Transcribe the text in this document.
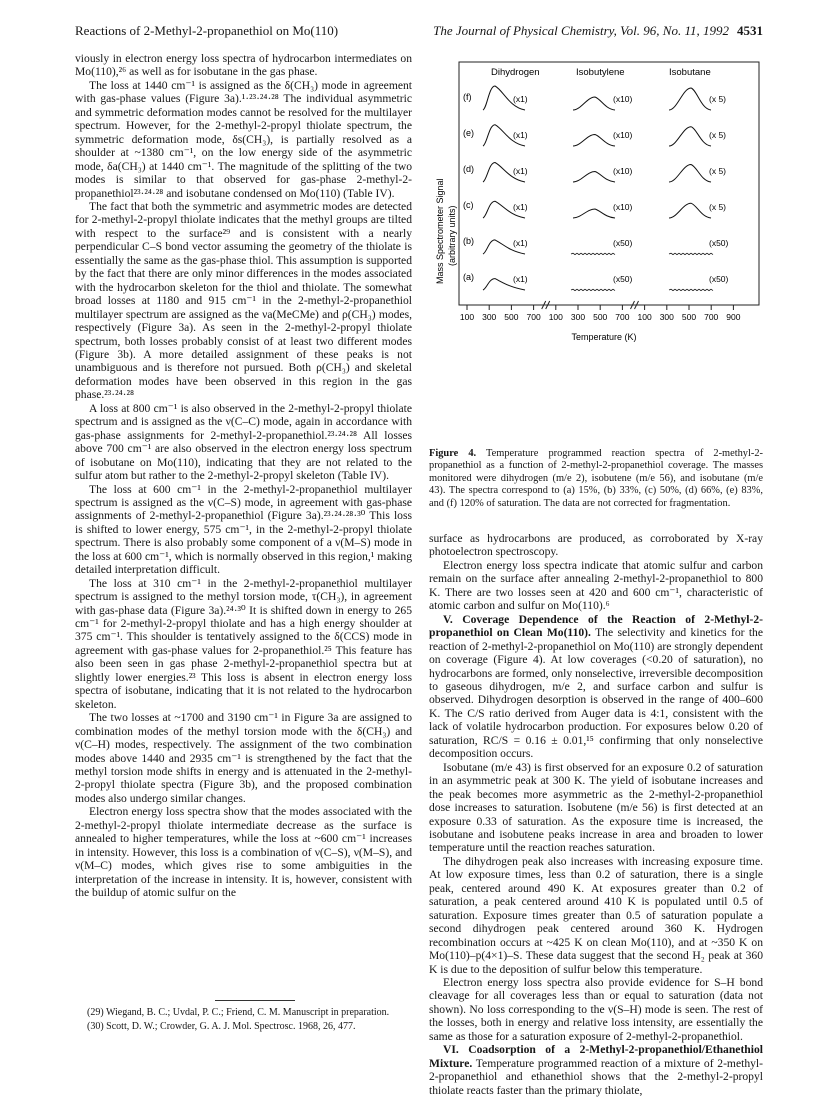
Reactions of 2-Methyl-2-propanethiol on Mo(110)	The Journal of Physical Chemistry, Vol. 96, No. 11, 1992 4531

viously in electron energy loss spectra of hydrocarbon intermediates on Mo(110),²⁶ as well as for isobutane in the gas phase.

The loss at 1440 cm⁻¹ is assigned as the δ(CH₃) mode in agreement with gas-phase values (Figure 3a).¹·²³·²⁴·²⁸ The individual asymmetric and symmetric deformation modes cannot be resolved for the multilayer spectrum. However, for the 2-methyl-2-propyl thiolate spectrum, the symmetric deformation mode, δs(CH₃), is partially resolved as a shoulder at ~1380 cm⁻¹, on the low energy side of the asymmetric mode, δa(CH₃) at 1440 cm⁻¹. The magnitude of the splitting of the two modes is similar to that observed for gas-phase 2-methyl-2-propanethiol²³·²⁴·²⁸ and isobutane condensed on Mo(110) (Table IV).

The fact that both the symmetric and asymmetric modes are detected for 2-methyl-2-propyl thiolate indicates that the methyl groups are tilted with respect to the surface²⁹ and is consistent with a nearly perpendicular C–S bond vector assuming the geometry of the thiolate is essentially the same as the gas-phase thiol. This assumption is supported by the fact that there are only minor differences in the modes associated with the hydrocarbon skeleton for the thiol and thiolate. The somewhat broad losses at 1180 and 915 cm⁻¹ in the 2-methyl-2-propanethiol multilayer spectrum are assigned as the νa(MeCMe) and ρ(CH₃) modes, respectively (Figure 3a). As seen in the 2-methyl-2-propyl thiolate spectrum, both losses probably consist of at least two different modes (Figure 3b). A more detailed assignment of these peaks is not unambiguous and is therefore not pursued. Both ρ(CH₃) and skeletal deformation modes have been observed in this region in the gas phase.²³·²⁴·²⁸

A loss at 800 cm⁻¹ is also observed in the 2-methyl-2-propyl thiolate spectrum and is assigned as the ν(C–C) mode, again in accordance with gas-phase assignments for 2-methyl-2-propanethiol.²³·²⁴·²⁸ All losses above 700 cm⁻¹ are also observed in the electron energy loss spectrum of isobutane on Mo(110), indicating that they are not related to the sulfur atom but rather to the 2-methyl-2-propyl skeleton (Table IV).

The loss at 600 cm⁻¹ in the 2-methyl-2-propanethiol multilayer spectrum is assigned as the ν(C–S) mode, in agreement with gas-phase assignments of 2-methyl-2-propanethiol (Figure 3a).²³·²⁴·²⁸·³⁰ This loss is shifted to lower energy, 575 cm⁻¹, in the 2-methyl-2-propyl thiolate spectrum. There is also probably some component of a ν(M–S) mode in the loss at 600 cm⁻¹, which is normally observed in this region,¹ making detailed interpretation difficult.

The loss at 310 cm⁻¹ in the 2-methyl-2-propanethiol multilayer spectrum is assigned to the methyl torsion mode, τ(CH₃), in agreement with gas-phase data (Figure 3a).²⁴·³⁰ It is shifted down in energy to 265 cm⁻¹ for 2-methyl-2-propyl thiolate and has a high energy shoulder at 375 cm⁻¹. This shoulder is tentatively assigned to the δ(CCS) mode in agreement with gas-phase values for 2-propanethiol.²⁵ This feature has also been seen in gas phase 2-methyl-2-propanethiol spectra but at slightly lower energies.²³ This loss is absent in electron energy loss spectra of isobutane, indicating that it is not related to the hydrocarbon skeleton.

The two losses at ~1700 and 3190 cm⁻¹ in Figure 3a are assigned to combination modes of the methyl torsion mode with the δ(CH₃) and ν(C–H) modes, respectively. The assignment of the two combination modes above 1440 and 2935 cm⁻¹ is strengthened by the fact that the methyl torsion mode shifts in energy and is attenuated in the 2-methyl-2-propyl thiolate spectra (Figure 3b), and the proposed combination modes also undergo similar changes.

Electron energy loss spectra show that the modes associated with the 2-methyl-2-propyl thiolate intermediate decrease as the surface is annealed to higher temperatures, while the loss at ~600 cm⁻¹ increases in intensity. However, this loss is a combination of ν(C–S), ν(M–S), and ν(M–C) modes, which gives rise to some ambiguities in the interpretation of the increase in intensity. It is, however, consistent with the buildup of atomic sulfur on the

(29) Wiegand, B. C.; Uvdal, P. C.; Friend, C. M. Manuscript in preparation.

(30) Scott, D. W.; Crowder, G. A. J. Mol. Spectrosc. 1968, 26, 477.

Dihydrogen	Isobutylene	Isobutane
Mass Spectrometer Signal (arbitrary units)
(f)	(x1)	(x10)	(x 5)
(e)	(x1)	(x10)	(x 5)
(d)	(x1)	(x10)	(x 5)
(c)	(x1)	(x10)	(x 5)
(b)	(x1)	(x50)	(x50)
(a)	(x1)	(x50)	(x50)
100 300 500 700 100 300 500 700 100 300 500 700 900
Temperature (K)
Figure 4. Temperature programmed reaction spectra of 2-methyl-2-propanethiol as a function of 2-methyl-2-propanethiol coverage. The masses monitored were dihydrogen (m/e 2), isobutene (m/e 56), and isobutane (m/e 43). The spectra correspond to (a) 15%, (b) 33%, (c) 50%, (d) 66%, (e) 83%, and (f) 120% of saturation. The data are not corrected for fragmentation.

surface as hydrocarbons are produced, as corroborated by X-ray photoelectron spectroscopy.

Electron energy loss spectra indicate that atomic sulfur and carbon remain on the surface after annealing 2-methyl-2-propanethiol to 800 K. There are two losses seen at 420 and 600 cm⁻¹, characteristic of atomic carbon and sulfur on Mo(110).⁶

V. Coverage Dependence of the Reaction of 2-Methyl-2-propanethiol on Clean Mo(110). The selectivity and kinetics for the reaction of 2-methyl-2-propanethiol on Mo(110) are strongly dependent on coverage (Figure 4). At low coverages (<0.20 of saturation), no hydrocarbons are formed, only nonselective, irreversible decomposition to gaseous dihydrogen, m/e 2, and surface carbon and sulfur is observed. Dihydrogen desorption is observed in the range of 400–600 K. The C/S ratio derived from Auger data is 4:1, consistent with the lack of volatile hydrocarbon production. For exposures below 0.20 of saturation, RC/S = 0.16 ± 0.01,¹⁵ confirming that only nonselective decomposition occurs.

Isobutane (m/e 43) is first observed for an exposure 0.2 of saturation in an asymmetric peak at 300 K. The yield of isobutane increases and the peak becomes more asymmetric as the 2-methyl-2-propanethiol dose increases to saturation. Isobutene (m/e 56) is first detected at an exposure 0.33 of saturation. As the exposure time is increased, the isobutane and isobutene peaks increase in area and broaden to lower temperature until the reaction reaches saturation.

The dihydrogen peak also increases with increasing exposure time. At low exposure times, less than 0.2 of saturation, there is a single peak, centered around 490 K. At exposures greater than 0.2 of saturation, a peak centered around 410 K is populated until 0.5 of saturation. Exposure times greater than 0.5 of saturation populate a second dihydrogen peak centered around 360 K. Hydrogen recombination occurs at ~425 K on clean Mo(110), and at ~350 K on Mo(110)–p(4×1)–S. These data suggest that the second H₂ peak at 360 K is due to the deposition of sulfur below this temperature.

Electron energy loss spectra also provide evidence for S–H bond cleavage for all coverages less than or equal to saturation (data not shown). No loss corresponding to the ν(S–H) mode is seen. The rest of the losses, both in energy and relative loss intensity, are essentially the same as those for a saturation exposure of 2-methyl-2-propanethiol.

VI. Coadsorption of a 2-Methyl-2-propanethiol/Ethanethiol Mixture. Temperature programmed reaction of a mixture of 2-methyl-2-propanethiol and ethanethiol shows that the 2-methyl-2-propyl thiolate reacts faster than the primary thiolate,
